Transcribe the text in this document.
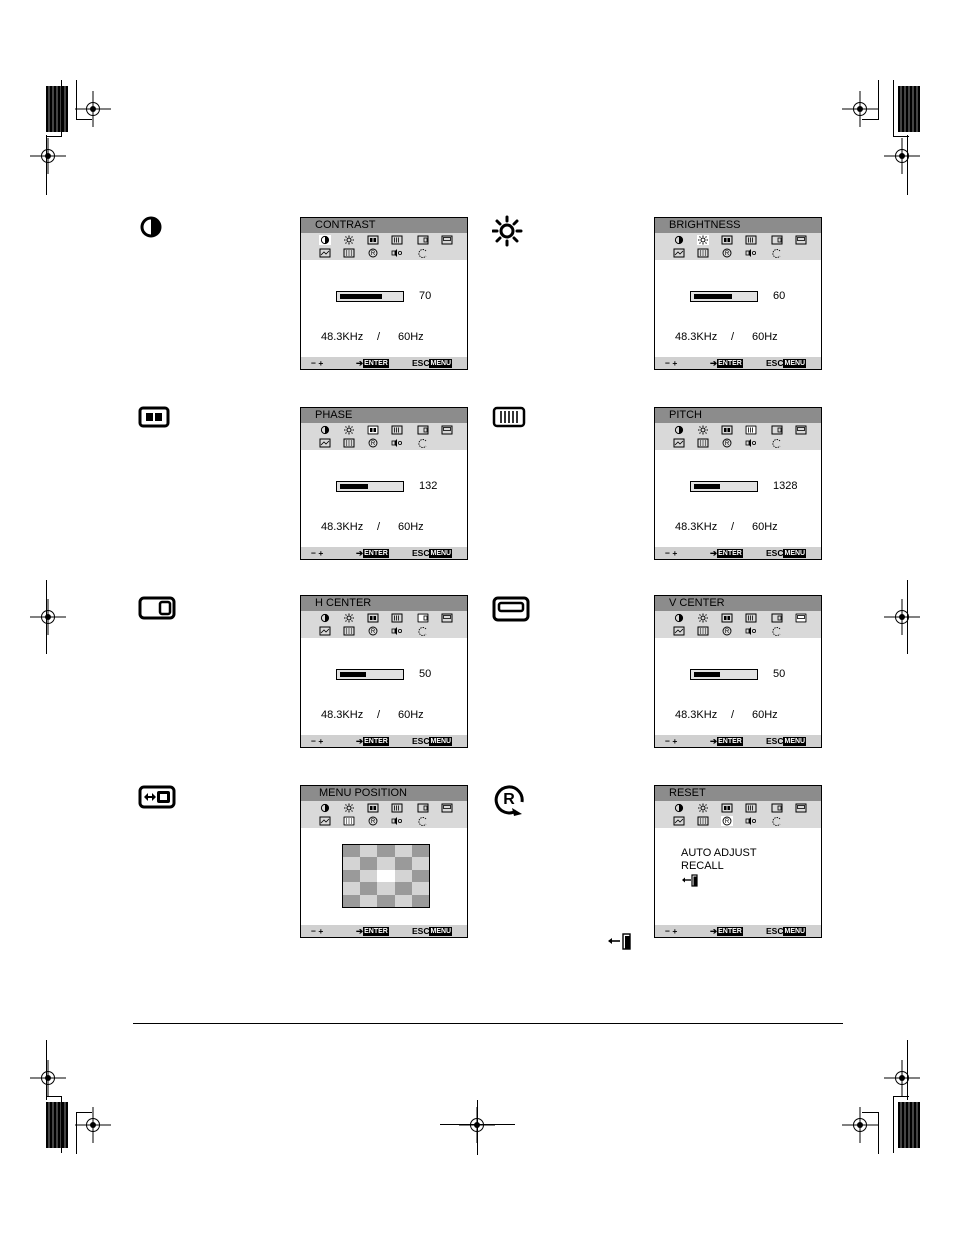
R
CONTRAST
R
70
48.3KHz / 60Hz
− +	➔ENTER	ESCMENU
BRIGHTNESS
R
60
48.3KHz / 60Hz
− +	➔ENTER	ESCMENU
PHASE
R
132
48.3KHz / 60Hz
− +	➔ENTER	ESCMENU
PITCH
R
1328
48.3KHz / 60Hz
− +	➔ENTER	ESCMENU
H CENTER
R
50
48.3KHz / 60Hz
− +	➔ENTER	ESCMENU
V CENTER
R
50
48.3KHz / 60Hz
− +	➔ENTER	ESCMENU
MENU POSITION
R
− +	➔ENTER	ESCMENU
RESET
R
AUTO ADJUST
RECALL
− +	➔ENTER	ESCMENU
